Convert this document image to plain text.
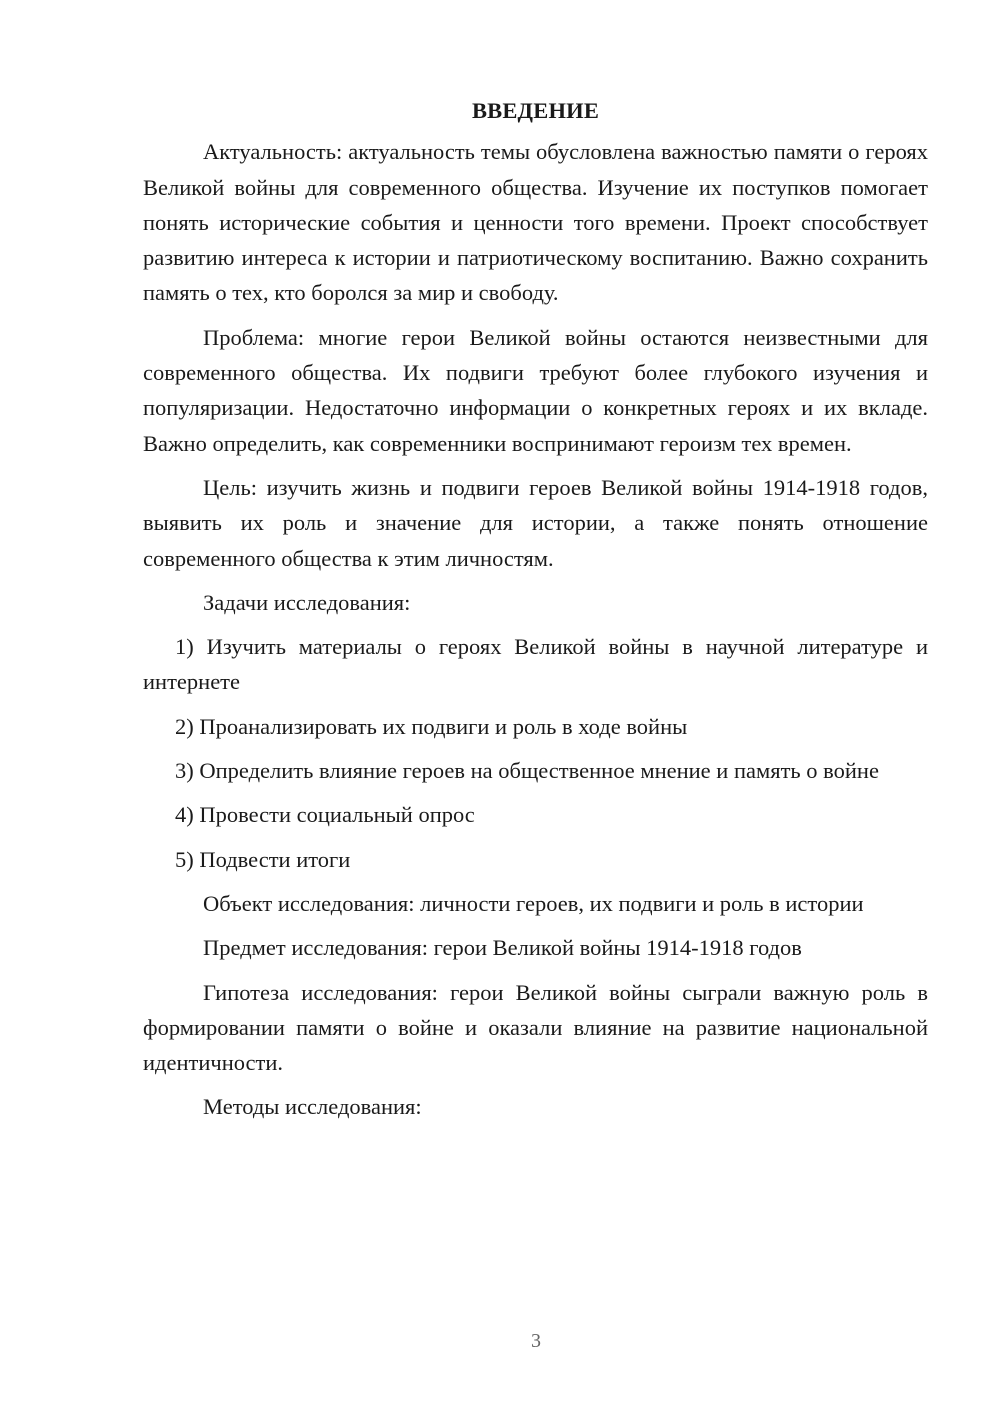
ВВЕДЕНИЕ

Актуальность: актуальность темы обусловлена важностью памяти о героях Великой войны для современного общества. Изучение их поступков помогает понять исторические события и ценности того времени. Проект способствует развитию интереса к истории и патриотическому воспитанию. Важно сохранить память о тех, кто боролся за мир и свободу.

Проблема: многие герои Великой войны остаются неизвестными для современного общества. Их подвиги требуют более глубокого изучения и популяризации. Недостаточно информации о конкретных героях и их вкладе. Важно определить, как современники воспринимают героизм тех времен.

Цель: изучить жизнь и подвиги героев Великой войны 1914-1918 годов, выявить их роль и значение для истории, а также понять отношение современного общества к этим личностям.

Задачи исследования:

1) Изучить материалы о героях Великой войны в научной литературе и интернете

2) Проанализировать их подвиги и роль в ходе войны

3) Определить влияние героев на общественное мнение и память о войне

4) Провести социальный опрос

5) Подвести итоги

Объект исследования: личности героев, их подвиги и роль в истории

Предмет исследования: герои Великой войны 1914-1918 годов

Гипотеза исследования: герои Великой войны сыграли важную роль в формировании памяти о войне и оказали влияние на развитие национальной идентичности.

Методы исследования:

3
